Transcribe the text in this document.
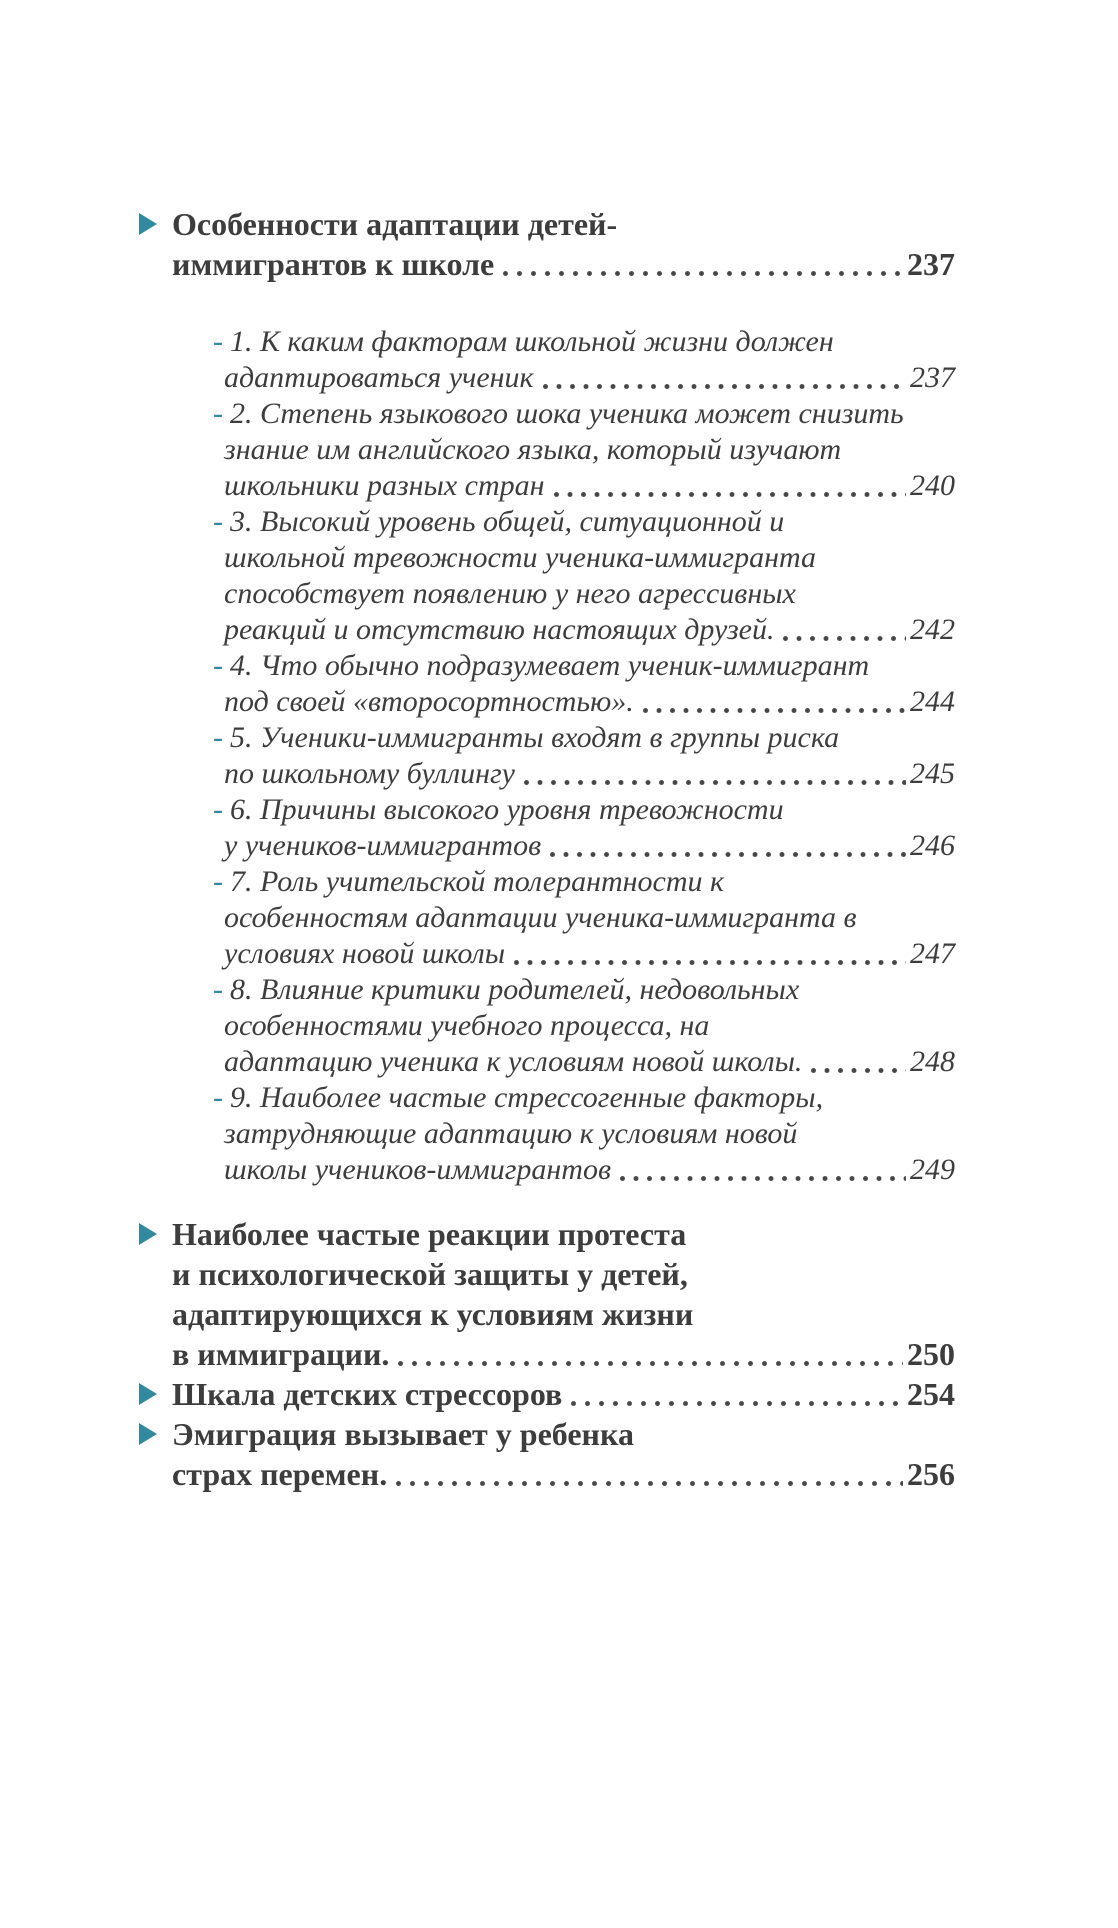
Особенности адаптации детей-
иммигрантов к школе	237
- 1. К каким факторам школьной жизни должен
адаптироваться ученик	237
- 2. Степень языкового шока ученика может снизить
знание им английского языка, который изучают
школьники разных стран	240
- 3. Высокий уровень общей, ситуационной и
школьной тревожности ученика-иммигранта
способствует появлению у него агрессивных
реакций и отсутствию настоящих друзей.	242
- 4. Что обычно подразумевает ученик-иммигрант
под своей «второсортностью».	244
- 5. Ученики-иммигранты входят в группы риска
по школьному буллингу	245
- 6. Причины высокого уровня тревожности
у учеников-иммигрантов	246
- 7. Роль учительской толерантности к
особенностям адаптации ученика-иммигранта в
условиях новой школы	247
- 8. Влияние критики родителей, недовольных
особенностями учебного процесса, на
адаптацию ученика к условиям новой школы.	248
- 9. Наиболее частые стрессогенные факторы,
затрудняющие адаптацию к условиям новой
школы учеников-иммигрантов	249
Наиболее частые реакции протеста
и психологической защиты у детей,
адаптирующихся к условиям жизни
в иммиграции.	250
Шкала детских стрессоров	254
Эмиграция вызывает у ребенка
страх перемен.	256
